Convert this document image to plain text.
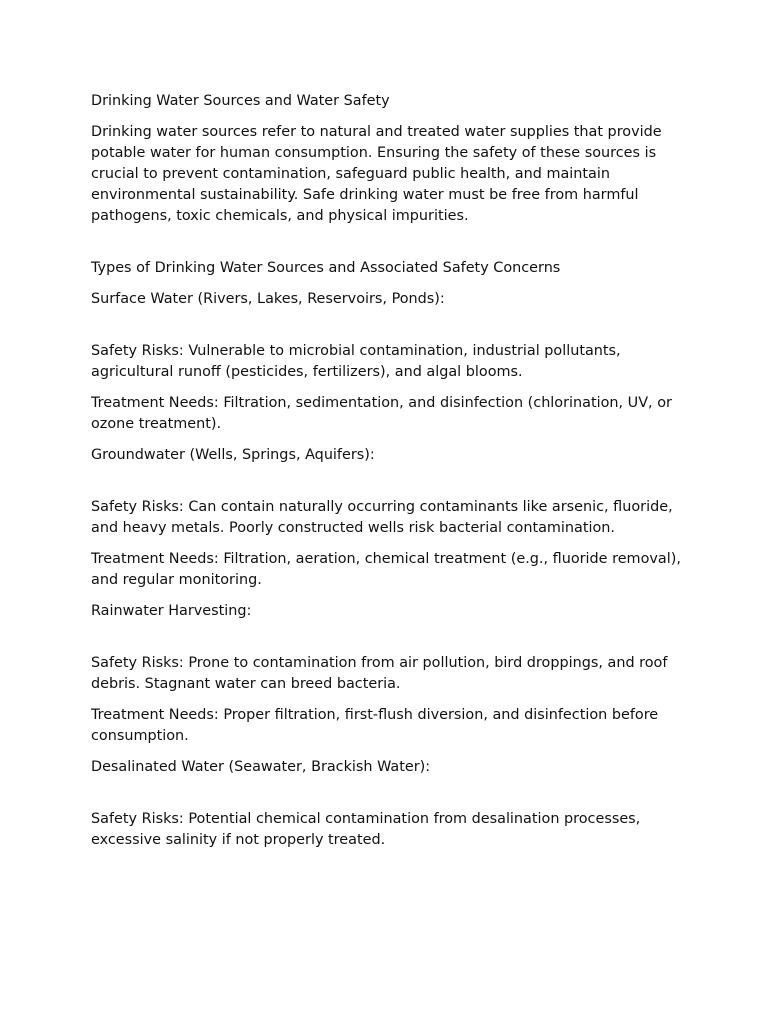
Drinking Water Sources and Water Safety

Drinking water sources refer to natural and treated water supplies that provide potable water for human consumption. Ensuring the safety of these sources is crucial to prevent contamination, safeguard public health, and maintain environmental sustainability. Safe drinking water must be free from harmful pathogens, toxic chemicals, and physical impurities.

Types of Drinking Water Sources and Associated Safety Concerns

Surface Water (Rivers, Lakes, Reservoirs, Ponds):

Safety Risks: Vulnerable to microbial contamination, industrial pollutants, agricultural runoff (pesticides, fertilizers), and algal blooms.

Treatment Needs: Filtration, sedimentation, and disinfection (chlorination, UV, or ozone treatment).

Groundwater (Wells, Springs, Aquifers):

Safety Risks: Can contain naturally occurring contaminants like arsenic, fluoride, and heavy metals. Poorly constructed wells risk bacterial contamination.

Treatment Needs: Filtration, aeration, chemical treatment (e.g., fluoride removal), and regular monitoring.

Rainwater Harvesting:

Safety Risks: Prone to contamination from air pollution, bird droppings, and roof debris. Stagnant water can breed bacteria.

Treatment Needs: Proper filtration, first-flush diversion, and disinfection before consumption.

Desalinated Water (Seawater, Brackish Water):

Safety Risks: Potential chemical contamination from desalination processes, excessive salinity if not properly treated.
